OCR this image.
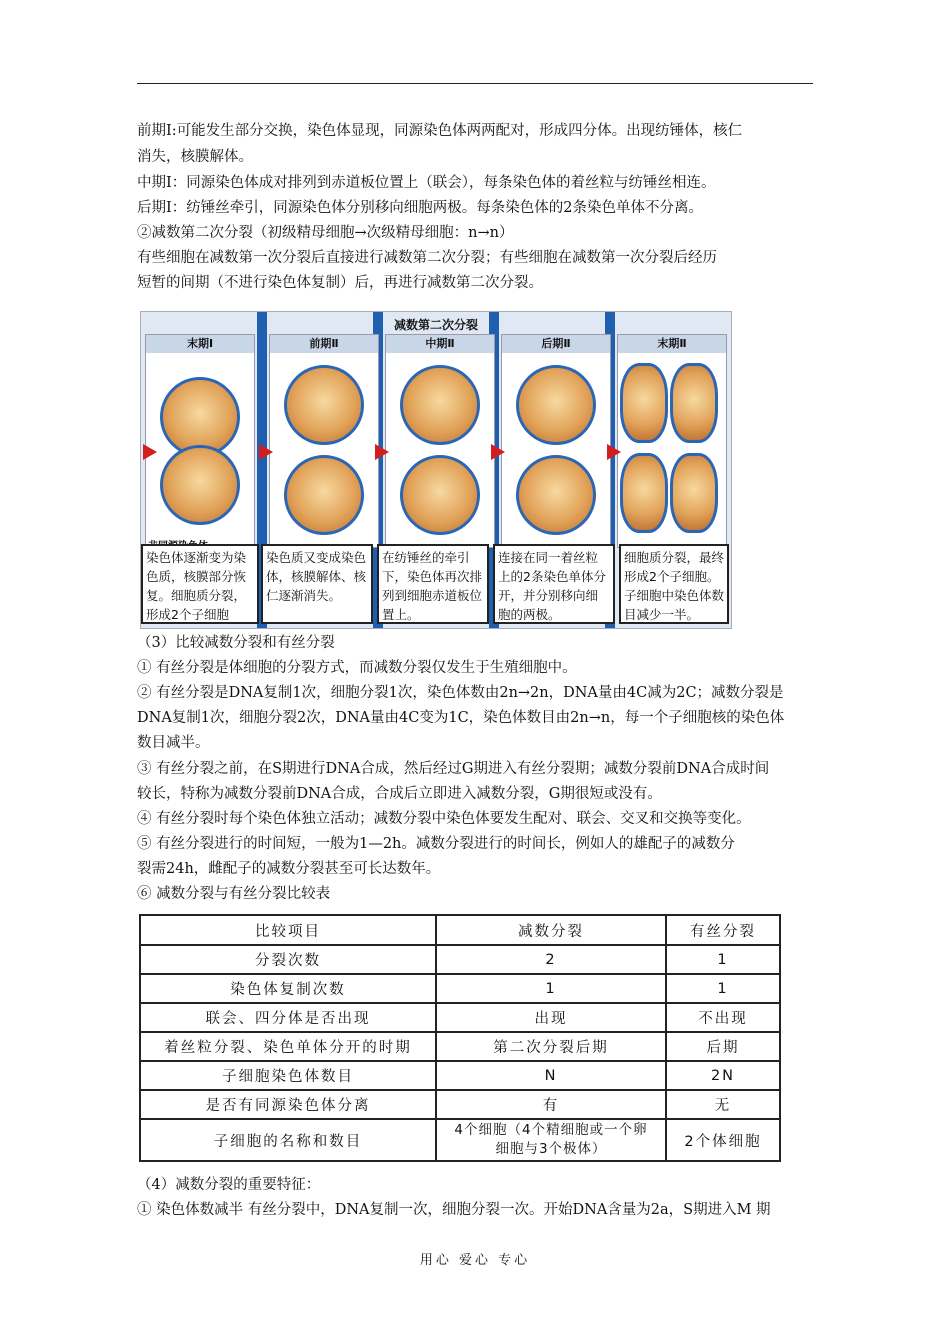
前期Ⅰ:可能发生部分交换，染色体显现，同源染色体两两配对，形成四分体。出现纺锤体，核仁
消失，核膜解体。
中期Ⅰ：同源染色体成对排列到赤道板位置上（联会），每条染色体的着丝粒与纺锤丝相连。
后期Ⅰ：纺锤丝牵引，同源染色体分别移向细胞两极。每条染色体的2条染色单体不分离。
②减数第二次分裂（初级精母细胞→次级精母细胞：n→n）
有些细胞在减数第一次分裂后直接进行减数第二次分裂；有些细胞在减数第一次分裂后经历
短暂的间期（不进行染色体复制）后，再进行减数第二次分裂。
减数第二次分裂
末期Ⅰ	前期Ⅱ	中期Ⅱ	后期Ⅱ	末期Ⅱ
染色体逐渐变为染色质，核膜部分恢复。细胞质分裂，形成2个子细胞
染色质又变成染色体，核膜解体、核仁逐渐消失。
在纺锤丝的牵引下，染色体再次排列到细胞赤道板位置上。
连接在同一着丝粒上的2条染色单体分开，并分别移向细胞的两极。
细胞质分裂，最终形成2个子细胞。子细胞中染色体数目减少一半。
（3）比较减数分裂和有丝分裂
① 有丝分裂是体细胞的分裂方式，而减数分裂仅发生于生殖细胞中。
② 有丝分裂是DNA复制1次，细胞分裂1次，染色体数由2n→2n，DNA量由4C减为2C；减数分裂是
DNA复制1次，细胞分裂2次，DNA量由4C变为1C，染色体数目由2n→n，每一个子细胞核的染色体
数目减半。
③ 有丝分裂之前，在S期进行DNA合成，然后经过G期进入有丝分裂期；减数分裂前DNA合成时间
较长，特称为减数分裂前DNA合成，合成后立即进入减数分裂，G期很短或没有。
④ 有丝分裂时每个染色体独立活动；减数分裂中染色体要发生配对、联会、交叉和交换等变化。
⑤ 有丝分裂进行的时间短，一般为1—2h。减数分裂进行的时间长，例如人的雄配子的减数分
裂需24h，雌配子的减数分裂甚至可长达数年。
⑥ 减数分裂与有丝分裂比较表
比较项目	减数分裂	有丝分裂
分裂次数	2	1
染色体复制次数	1	1
联会、四分体是否出现	出现	不出现
着丝粒分裂、染色单体分开的时期	第二次分裂后期	后期
子细胞染色体数目	N	2N
是否有同源染色体分离	有	无
子细胞的名称和数目	4个细胞（4个精细胞或一个卵细胞与3个极体）	2个体细胞
（4）减数分裂的重要特征：
① 染色体数减半 有丝分裂中，DNA复制一次，细胞分裂一次。开始DNA含量为2a，S期进入M 期
用心 爱心 专心
